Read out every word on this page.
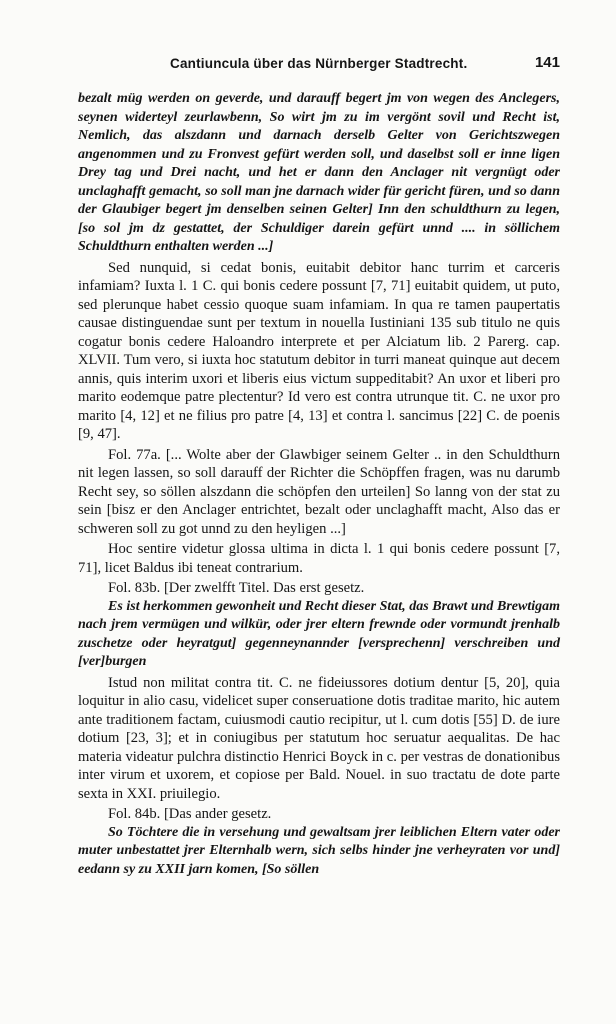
Cantiuncula über das Nürnberger Stadtrecht.	141

bezalt müg werden on geverde, und darauff begert jm von wegen des Anclegers, seynen widerteyl zeurlawbenn, So wirt jm zu im vergönt sovil und Recht ist, Nemlich, das alszdann und darnach derselb Gelter von Gerichtszwegen angenommen und zu Fronvest gefürt werden soll, und daselbst soll er inne ligen Drey tag und Drei nacht, und het er dann den Anclager nit vergnügt oder unclaghafft gemacht, so soll man jne darnach wider für gericht füren, und so dann der Glaubiger begert jm denselben seinen Gelter] Inn den schuldthurn zu legen, [so sol jm dz gestattet, der Schuldiger darein gefürt unnd .... in söllichem Schuldthurn enthalten werden ...]

Sed nunquid, si cedat bonis, euitabit debitor hanc turrim et carceris infamiam? Iuxta l. 1 C. qui bonis cedere possunt [7, 71] euitabit quidem, ut puto, sed plerunque habet cessio quoque suam infamiam. In qua re tamen paupertatis causae distinguendae sunt per textum in nouella Iustiniani 135 sub titulo ne quis cogatur bonis cedere Haloandro interprete et per Alciatum lib. 2 Parerg. cap. XLVII. Tum vero, si iuxta hoc statutum debitor in turri maneat quinque aut decem annis, quis interim uxori et liberis eius victum suppeditabit? An uxor et liberi pro marito eodemque patre plectentur? Id vero est contra utrunque tit. C. ne uxor pro marito [4, 12] et ne filius pro patre [4, 13] et contra l. sancimus [22] C. de poenis [9, 47].

Fol. 77a. [... Wolte aber der Glawbiger seinem Gelter .. in den Schuldthurn nit legen lassen, so soll darauff der Richter die Schöpffen fragen, was nu darumb Recht sey, so söllen alszdann die schöpfen den urteilen] So lanng von der stat zu sein [bisz er den Anclager entrichtet, bezalt oder unclaghafft macht, Also das er schweren soll zu got unnd zu den heyligen ...]

Hoc sentire videtur glossa ultima in dicta l. 1 qui bonis cedere possunt [7, 71], licet Baldus ibi teneat contrarium.

Fol. 83b. [Der zwelfft Titel. Das erst gesetz.

Es ist herkommen gewonheit und Recht dieser Stat, das Brawt und Brewtigam nach jrem vermügen und wilkür, oder jrer eltern frewnde oder vormundt jrenhalb zuschetze oder heyratgut] gegenneynannder [versprechenn] verschreiben und [ver]burgen

Istud non militat contra tit. C. ne fideiussores dotium dentur [5, 20], quia loquitur in alio casu, videlicet super conseruatione dotis traditae marito, hic autem ante traditionem factam, cuiusmodi cautio recipitur, ut l. cum dotis [55] D. de iure dotium [23, 3]; et in coniugibus per statutum hoc seruatur aequalitas. De hac materia videatur pulchra distinctio Henrici Boyck in c. per vestras de donationibus inter virum et uxorem, et copiose per Bald. Nouel. in suo tractatu de dote parte sexta in XXI. priuilegio.

Fol. 84b. [Das ander gesetz.

So Töchtere die in versehung und gewaltsam jrer leiblichen Eltern vater oder muter unbestattet jrer Elternhalb wern, sich selbs hinder jne verheyraten vor und] eedann sy zu XXII jarn komen, [So söllen
